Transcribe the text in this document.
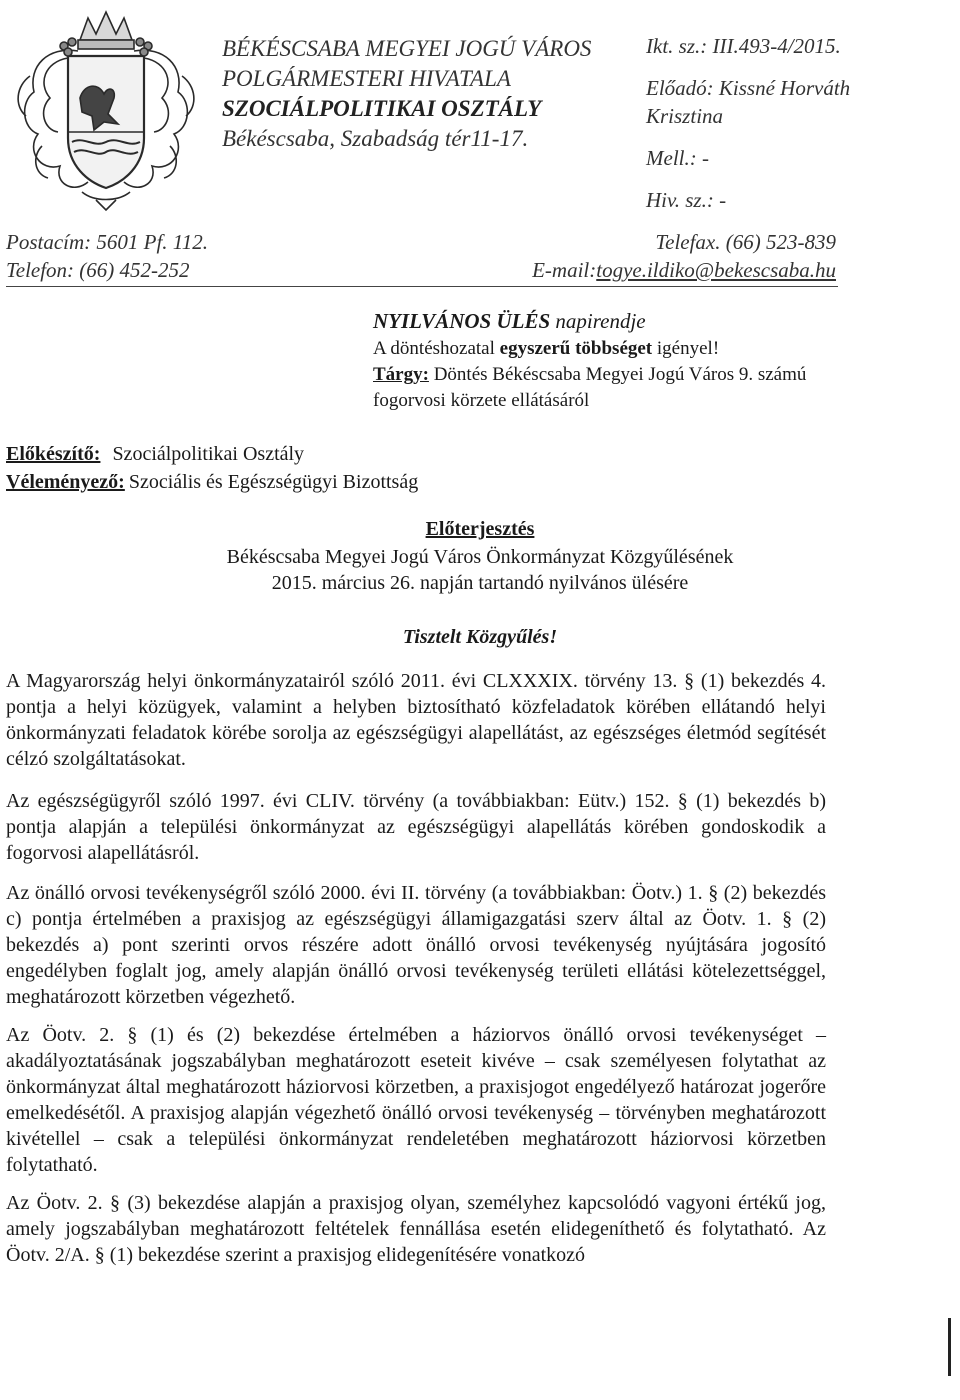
BÉKÉSCSABA MEGYEI JOGÚ VÁROS
POLGÁRMESTERI HIVATALA
SZOCIÁLPOLITIKAI OSZTÁLY
Békéscsaba, Szabadság tér11-17.
Ikt. sz.: III.493-4/2015.
Előadó: Kissné Horváth Krisztina
Mell.: -
Hiv. sz.: -
Postacím: 5601 Pf. 112.
Telefon: (66) 452-252
Telefax. (66) 523-839
E-mail:togye.ildiko@bekescsaba.hu
NYILVÁNOS ÜLÉS napirendje
A döntéshozatal egyszerű többséget igényel!
Tárgy: Döntés Békéscsaba Megyei Jogú Város 9. számú fogorvosi körzete ellátásáról
Előkészítő: Szociálpolitikai Osztály
Véleményező: Szociális és Egészségügyi Bizottság
Előterjesztés
Békéscsaba Megyei Jogú Város Önkormányzat Közgyűlésének
2015. március 26. napján tartandó nyilvános ülésére
Tisztelt Közgyűlés!

A Magyarország helyi önkormányzatairól szóló 2011. évi CLXXXIX. törvény 13. § (1) bekezdés 4. pontja a helyi közügyek, valamint a helyben biztosítható közfeladatok körében ellátandó helyi önkormányzati feladatok körébe sorolja az egészségügyi alapellátást, az egészséges életmód segítését célzó szolgáltatásokat.

Az egészségügyről szóló 1997. évi CLIV. törvény (a továbbiakban: Eütv.) 152. § (1) bekezdés b) pontja alapján a települési önkormányzat az egészségügyi alapellátás körében gondoskodik a fogorvosi alapellátásról.

Az önálló orvosi tevékenységről szóló 2000. évi II. törvény (a továbbiakban: Öotv.) 1. § (2) bekezdés c) pontja értelmében a praxisjog az egészségügyi államigazgatási szerv által az Öotv. 1. § (2) bekezdés a) pont szerinti orvos részére adott önálló orvosi tevékenység nyújtására jogosító engedélyben foglalt jog, amely alapján önálló orvosi tevékenység területi ellátási kötelezettséggel, meghatározott körzetben végezhető.

Az Öotv. 2. § (1) és (2) bekezdése értelmében a háziorvos önálló orvosi tevékenységet – akadályoztatásának jogszabályban meghatározott eseteit kivéve – csak személyesen folytathat az önkormányzat által meghatározott háziorvosi körzetben, a praxisjogot engedélyező határozat jogerőre emelkedésétől. A praxisjog alapján végezhető önálló orvosi tevékenység – törvényben meghatározott kivétellel – csak a települési önkormányzat rendeletében meghatározott háziorvosi körzetben folytatható.

Az Öotv. 2. § (3) bekezdése alapján a praxisjog olyan, személyhez kapcsolódó vagyoni értékű jog, amely jogszabályban meghatározott feltételek fennállása esetén elidegeníthető és folytatható. Az Öotv. 2/A. § (1) bekezdése szerint a praxisjog elidegenítésére vonatkozó
